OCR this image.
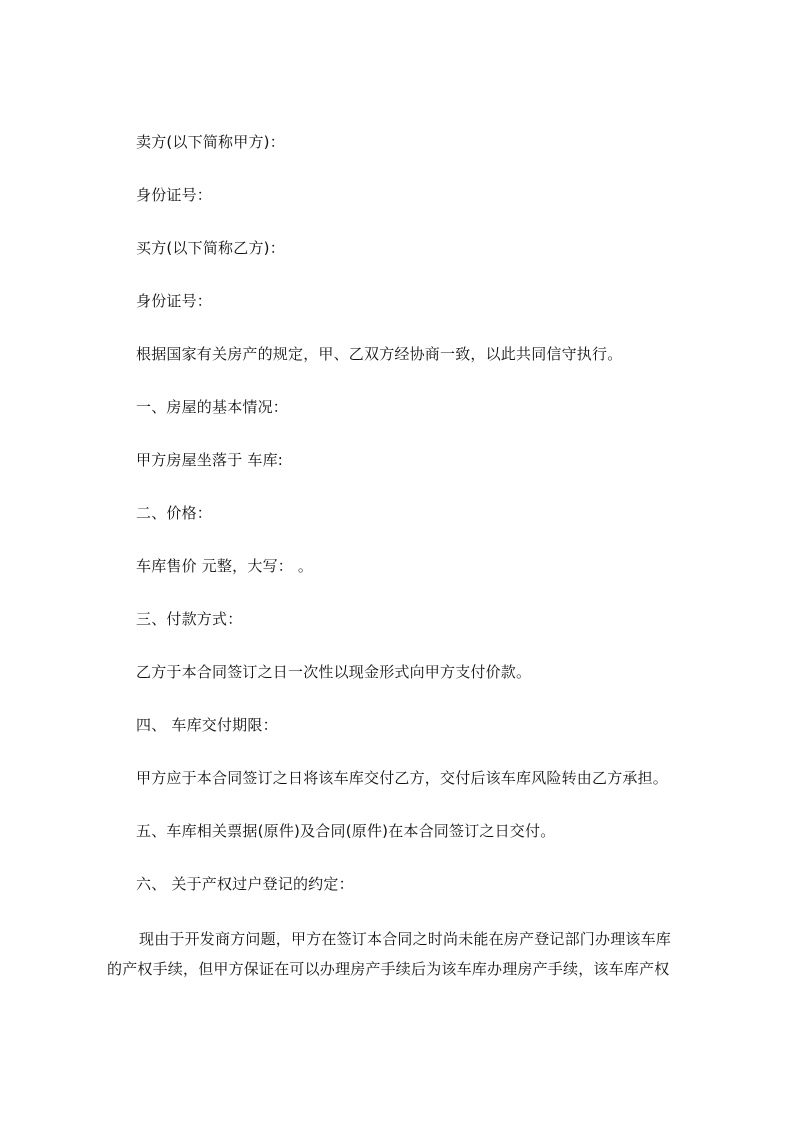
卖方(以下简称甲方)：
身份证号：
买方(以下简称乙方)：
身份证号：
根据国家有关房产的规定，甲、乙双方经协商一致，以此共同信守执行。
一、房屋的基本情况：
甲方房屋坐落于 车库:
二、价格：
车库售价 元整，大写： 。
三、付款方式：
乙方于本合同签订之日一次性以现金形式向甲方支付价款。
四、 车库交付期限：
甲方应于本合同签订之日将该车库交付乙方，交付后该车库风险转由乙方承担。
五、车库相关票据(原件)及合同(原件)在本合同签订之日交付。
六、 关于产权过户登记的约定：
现由于开发商方问题，甲方在签订本合同之时尚未能在房产登记部门办理该车库
的产权手续，但甲方保证在可以办理房产手续后为该车库办理房产手续，该车库产权
